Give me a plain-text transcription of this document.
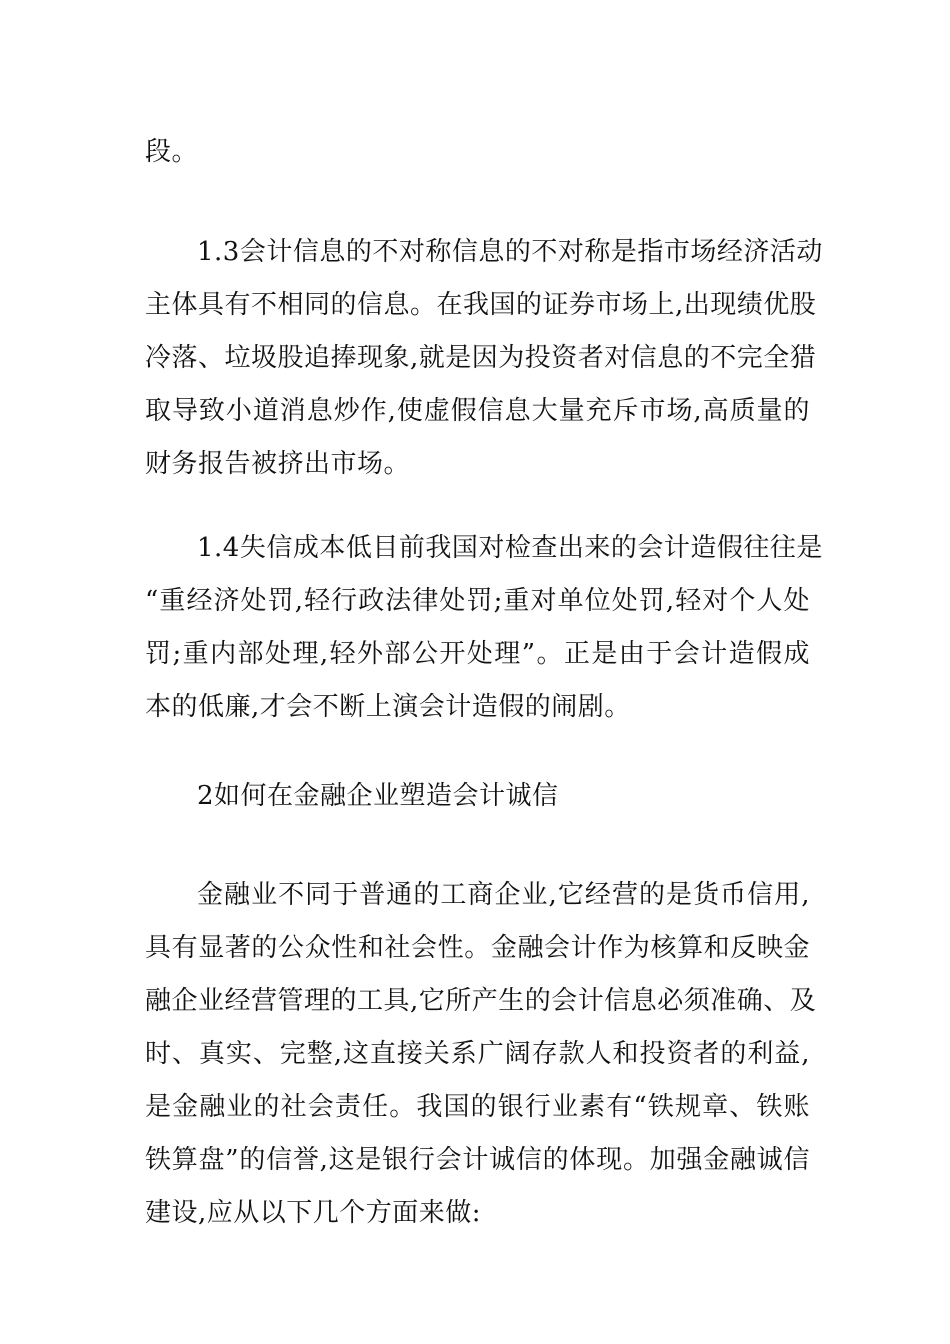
段。
1.3会计信息的不对称信息的不对称是指市场经济活动
主体具有不相同的信息。在我国的证券市场上,出现绩优股
冷落、垃圾股追捧现象,就是因为投资者对信息的不完全猎
取导致小道消息炒作,使虚假信息大量充斥市场,高质量的
财务报告被挤出市场。
1.4失信成本低目前我国对检查出来的会计造假往往是
“重经济处罚,轻行政法律处罚;重对单位处罚,轻对个人处
罚;重内部处理,轻外部公开处理”。正是由于会计造假成
本的低廉,才会不断上演会计造假的闹剧。
2如何在金融企业塑造会计诚信
金融业不同于普通的工商企业,它经营的是货币信用,
具有显著的公众性和社会性。金融会计作为核算和反映金
融企业经营管理的工具,它所产生的会计信息必须准确、及
时、真实、完整,这直接关系广阔存款人和投资者的利益,
是金融业的社会责任。我国的银行业素有“铁规章、铁账
铁算盘”的信誉,这是银行会计诚信的体现。加强金融诚信
建设,应从以下几个方面来做:
